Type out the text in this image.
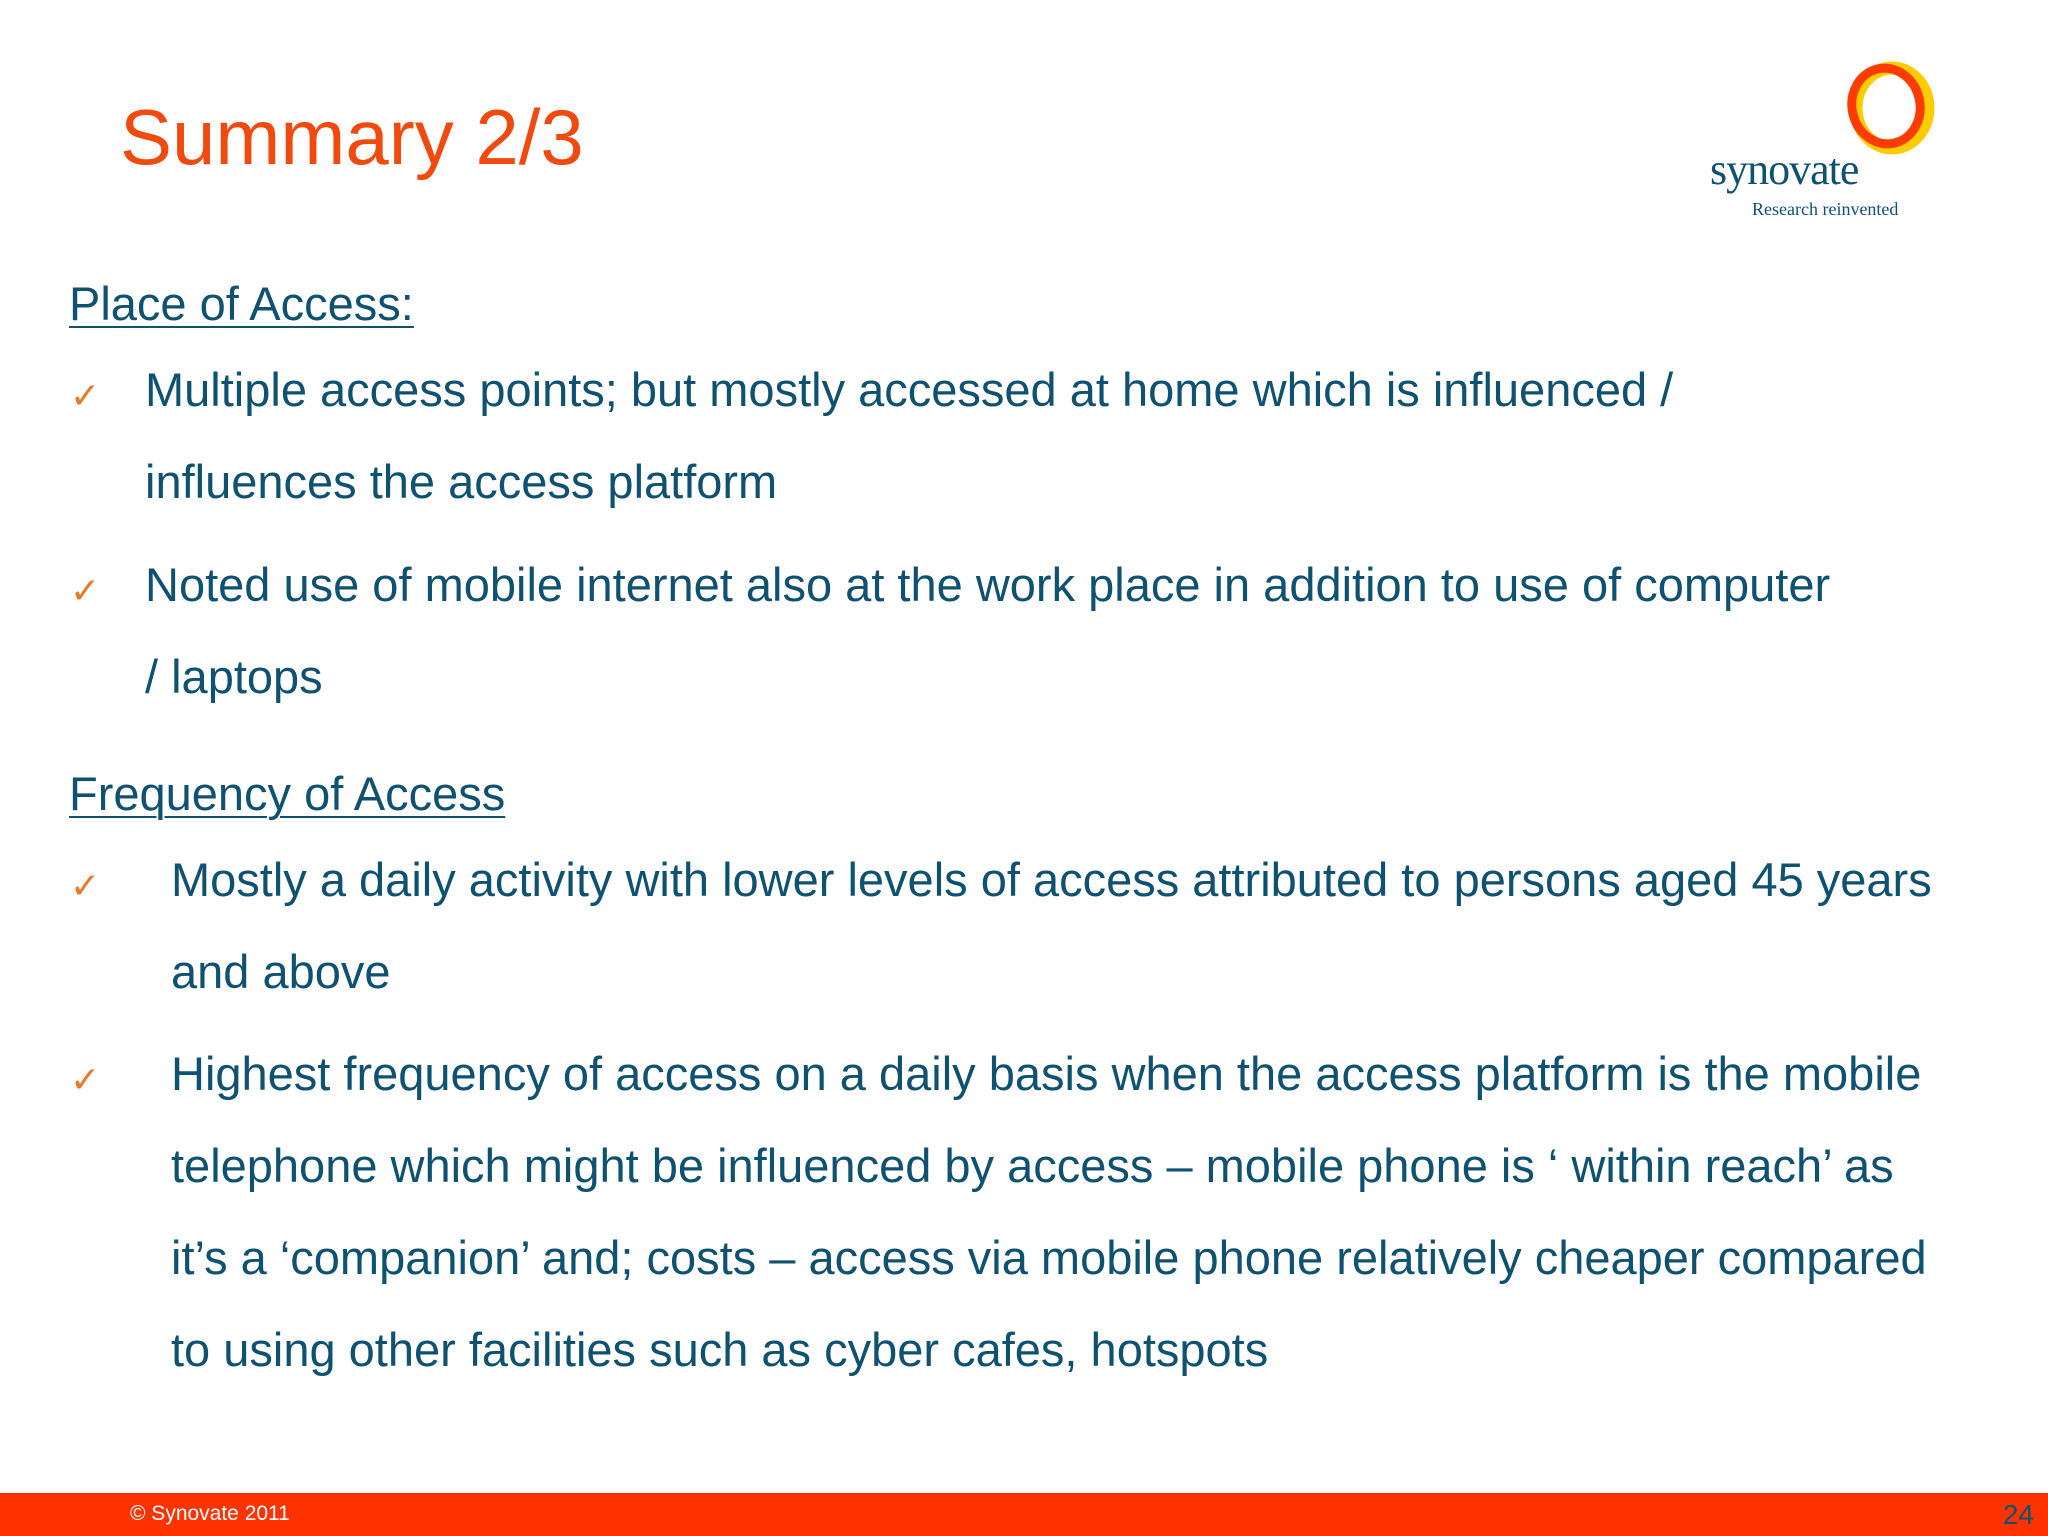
Summary 2/3	synovate
Research reinvented
Place of Access:
✓ Multiple access points; but mostly accessed at home which is influenced / influences the access platform

✓ Noted use of mobile internet also at the work place in addition to use of computer / laptops

Frequency of Access
✓ Mostly a daily activity with lower levels of access attributed to persons aged 45 years and above

✓ Highest frequency of access on a daily basis when the access platform is the mobile telephone which might be influenced by access – mobile phone is ‘ within reach’ as it’s a ‘companion’ and; costs – access via mobile phone relatively cheaper compared to using other facilities such as cyber cafes, hotspots

© Synovate 2011	24
